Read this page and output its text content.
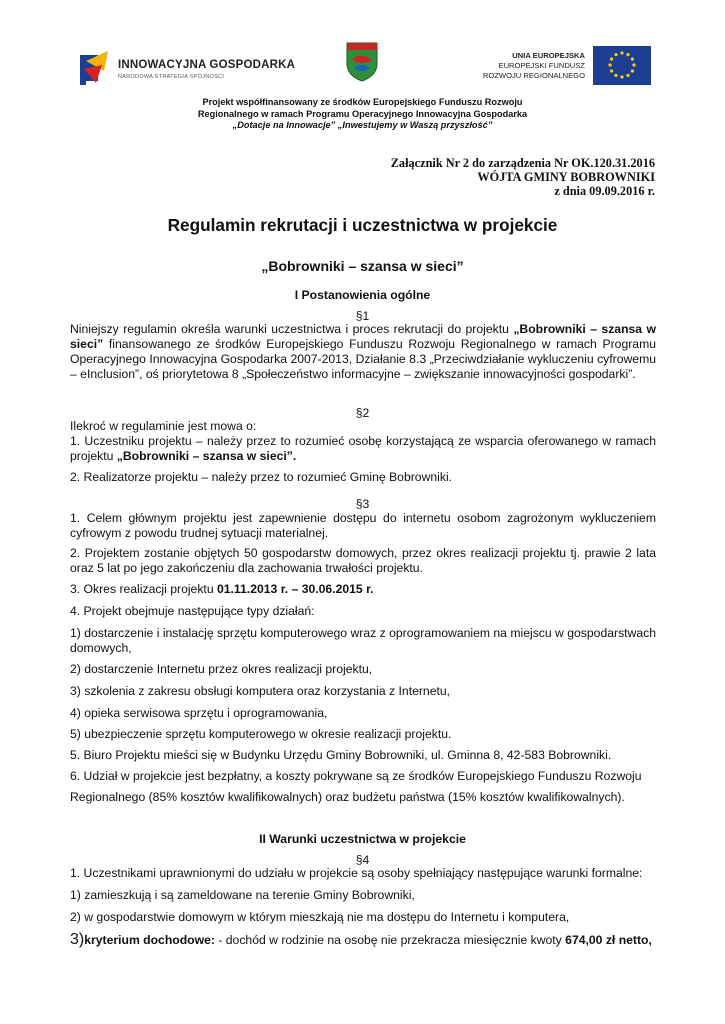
INNOWACYJNA GOSPODARKA
NARODOWA STRATEGIA SPÓJNOŚCI
UNIA EUROPEJSKA
EUROPEJSKI FUNDUSZ
ROZWOJU REGIONALNEGO
Projekt współfinansowany ze środków Europejskiego Funduszu Rozwoju
Regionalnego w ramach Programu Operacyjnego Innowacyjna Gospodarka
„Dotacje na Innowacje” „Inwestujemy w Waszą przyszłość”
Załącznik Nr 2 do zarządzenia Nr OK.120.31.2016
WÓJTA GMINY BOBROWNIKI
z dnia 09.09.2016 r.
Regulamin rekrutacji i uczestnictwa w projekcie
„Bobrowniki – szansa w sieci”
I Postanowienia ogólne
§1
Niniejszy regulamin określa warunki uczestnictwa i proces rekrutacji do projektu „Bobrowniki – szansa w sieci” finansowanego ze środków Europejskiego Funduszu Rozwoju Regionalnego w ramach Programu Operacyjnego Innowacyjna Gospodarka 2007-2013, Działanie 8.3 „Przeciwdziałanie wykluczeniu cyfrowemu – eInclusion”, oś priorytetowa 8 „Społeczeństwo informacyjne – zwiększanie innowacyjności gospodarki”.
§2
Ilekroć w regulaminie jest mowa o:
1. Uczestniku projektu – należy przez to rozumieć osobę korzystającą ze wsparcia oferowanego w ramach projektu „Bobrowniki – szansa w sieci”.
2. Realizatorze projektu – należy przez to rozumieć Gminę Bobrowniki.
§3
1. Celem głównym projektu jest zapewnienie dostępu do internetu osobom zagrożonym wykluczeniem cyfrowym z powodu trudnej sytuacji materialnej.
2. Projektem zostanie objętych 50 gospodarstw domowych, przez okres realizacji projektu tj. prawie 2 lata oraz 5 lat po jego zakończeniu dla zachowania trwałości projektu.
3. Okres realizacji projektu 01.11.2013 r. – 30.06.2015 r.
4. Projekt obejmuje następujące typy działań:
1) dostarczenie i instalację sprzętu komputerowego wraz z oprogramowaniem na miejscu w gospodarstwach domowych,
2) dostarczenie Internetu przez okres realizacji projektu,
3) szkolenia z zakresu obsługi komputera oraz korzystania z Internetu,
4) opieka serwisowa sprzętu i oprogramowania,
5) ubezpieczenie sprzętu komputerowego w okresie realizacji projektu.
5. Biuro Projektu mieści się w Budynku Urzędu Gminy Bobrowniki, ul. Gminna 8, 42-583 Bobrowniki.
6. Udział w projekcie jest bezpłatny, a koszty pokrywane są ze środków Europejskiego Funduszu Rozwoju
Regionalnego (85% kosztów kwalifikowalnych) oraz budżetu państwa (15% kosztów kwalifikowalnych).
II Warunki uczestnictwa w projekcie
§4
1. Uczestnikami uprawnionymi do udziału w projekcie są osoby spełniający następujące warunki formalne:
1) zamieszkują i są zameldowane na terenie Gminy Bobrowniki,
2) w gospodarstwie domowym w którym mieszkają nie ma dostępu do Internetu i komputera,
3)kryterium dochodowe: - dochód w rodzinie na osobę nie przekracza miesięcznie kwoty 674,00 zł netto,
